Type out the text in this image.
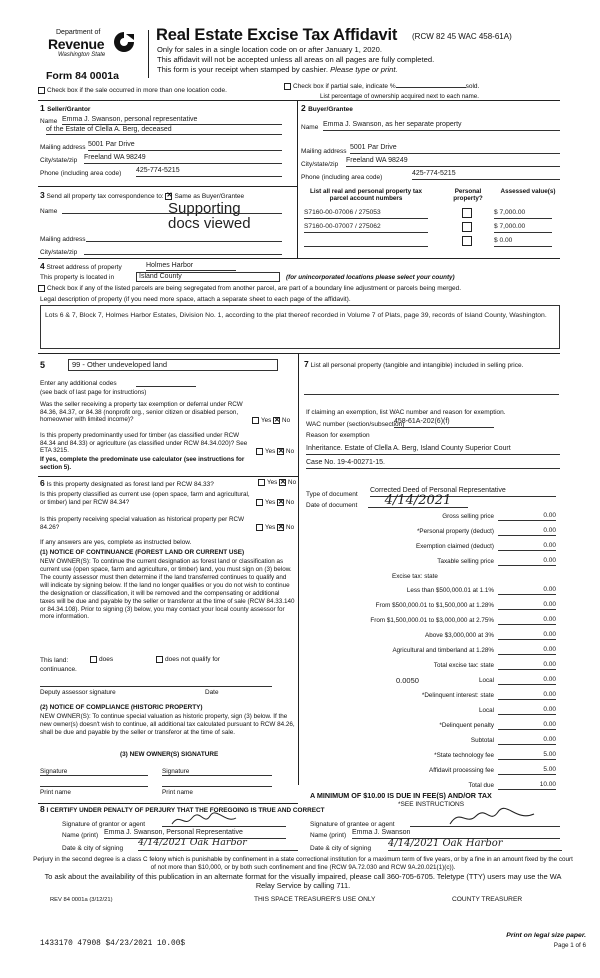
Department of
Revenue
Washington State
Form 84 0001a
Real Estate Excise Tax Affidavit (RCW 82 45 WAC 458-61A)
Only for sales in a single location code on or after January 1, 2020.
This affidavit will not be accepted unless all areas on all pages are fully completed.
This form is your receipt when stamped by cashier. Please type or print.
Check box if the sale occurred in more than one location code.
Check box if partial sale, indicate %	sold.
List percentage of ownership acquired next to each name.
1 Seller/Grantor
Name Emma J. Swanson, personal representative
of the Estate of Clella A. Berg, deceased
Mailing address 5001 Par Drive
City/state/zip Freeland WA 98249
Phone (including area code) 425-774-5215
2 Buyer/Grantee
Name Emma J. Swanson, as her separate property
Mailing address
5001 Par Drive
City/state/zip
Freeland WA 98249
Phone (including area code)
425-774-5215
3 Send all property tax correspondence to: ✕ Same as Buyer/Grantee
Name	Supporting
docs viewed
Mailing address
City/state/zip
List all real and personal property tax parcel account numbers
Personal property?
Assessed value(s)
S7160-00-07006 / 275053	$ 7,000.00
S7160-00-07007 / 275062	$ 7,000.00
$ 0.00
4 Street address of property	Holmes Harbor
This property is located in	Island County	(for unincorporated locations please select your county)
Check box if any of the listed parcels are being segregated from another parcel, are part of a boundary line adjustment or parcels being merged.
Legal description of property (if you need more space, attach a separate sheet to each page of the affidavit).
Lots 6 & 7, Block 7, Holmes Harbor Estates, Division No. 1, according to the plat thereof recorded in Volume 7 of Plats, page 39, records of Island County, Washington.
5	99 - Other undeveloped land
Enter any additional codes
(see back of last page for instructions)
Was the seller receiving a property tax exemption or deferral under RCW 84.36, 84.37, or 84.38 (nonprofit org., senior citizen or disabled person, homeowner with limited income)?	Yes ✕ No
Is this property predominantly used for timber (as classified under RCW 84.34 and 84.33) or agriculture (as classified under RCW 84.34.020)? See ETA 3215.	Yes ✕ No
If yes, complete the predominate use calculator (see instructions for section 5).
6 Is this property designated as forest land per RCW 84.33?	Yes ✕ No
Is this property classified as current use (open space, farm and agricultural, or timber) land per RCW 84.34?	Yes ✕ No
Is this property receiving special valuation as historical property per RCW 84.26?	Yes ✕ No
If any answers are yes, complete as instructed below.
(1) NOTICE OF CONTINUANCE (FOREST LAND OR CURRENT USE)
NEW OWNER(S): To continue the current designation as forest land or classification as current use (open space, farm and agriculture, or timber) land, you must sign on (3) below. The county assessor must then determine if the land transferred continues to qualify and will indicate by signing below. If the land no longer qualifies or you do not wish to continue the designation or classification, it will be removed and the compensating or additional taxes will be due and payable by the seller or transferor at the time of sale (RCW 84.33.140 or 84.34.108). Prior to signing (3) below, you may contact your local county assessor for more information.
This land:	does	does not qualify for
continuance.
Deputy assessor signature	Date
(2) NOTICE OF COMPLIANCE (HISTORIC PROPERTY)
NEW OWNER(S): To continue special valuation as historic property, sign (3) below. If the new owner(s) doesn't wish to continue, all additional tax calculated pursuant to RCW 84.26, shall be due and payable by the seller or transferor at the time of sale.
(3) NEW OWNER(S) SIGNATURE
Signature	Signature
Print name	Print name
7 List all personal property (tangible and intangible) included in selling price.
If claiming an exemption, list WAC number and reason for exemption.
WAC number (section/subsection)
458-61A-202(6)(f)
Reason for exemption
Inheritance. Estate of Clella A. Berg, Island County Superior Court
Case No. 19-4-00271-15.
Type of document
Corrected Deed of Personal Representative
Date of document	4/14/2021
Gross selling price	0.00
*Personal property (deduct)	0.00
Exemption claimed (deduct)	0.00
Taxable selling price	0.00
Excise tax: state
Less than $500,000.01 at 1.1%	0.00
From $500,000.01 to $1,500,000 at 1.28%	0.00
From $1,500,000.01 to $3,000,000 at 2.75%	0.00
Above $3,000,000 at 3%	0.00
Agricultural and timberland at 1.28%	0.00
Total excise tax: state	0.00
0.0050	Local	0.00
*Delinquent interest: state	0.00
Local	0.00
*Delinquent penalty	0.00
Subtotal	0.00
*State technology fee	5.00
Affidavit processing fee	5.00
Total due	10.00
A MINIMUM OF $10.00 IS DUE IN FEE(S) AND/OR TAX
*SEE INSTRUCTIONS
8 I CERTIFY UNDER PENALTY OF PERJURY THAT THE FOREGOING IS TRUE AND CORRECT
Signature of grantor or agent
Name (print) Emma J. Swanson, Personal Representative
Date & city of signing
4/14/2021 Oak Harbor
Signature of grantee or agent
Name (print) Emma J. Swanson
Date & city of signing 4/14/2021 Oak Harbor
Perjury in the second degree is a class C felony which is punishable by confinement in a state correctional institution for a maximum term of five years, or by a fine in an amount fixed by the court of not more than $10,000, or by both such confinement and fine (RCW 9A.72.030 and RCW 9A.20.021(1)(c)).
To ask about the availability of this publication in an alternate format for the visually impaired, please call 360-705-6705. Teletype (TTY) users may use the WA Relay Service by calling 711.
REV 84 0001a (3/12/21)	THIS SPACE TREASURER'S USE ONLY	COUNTY TREASURER
1433170 47908 $4/23/2021 10.00$
Print on legal size paper.
Page 1 of 6
